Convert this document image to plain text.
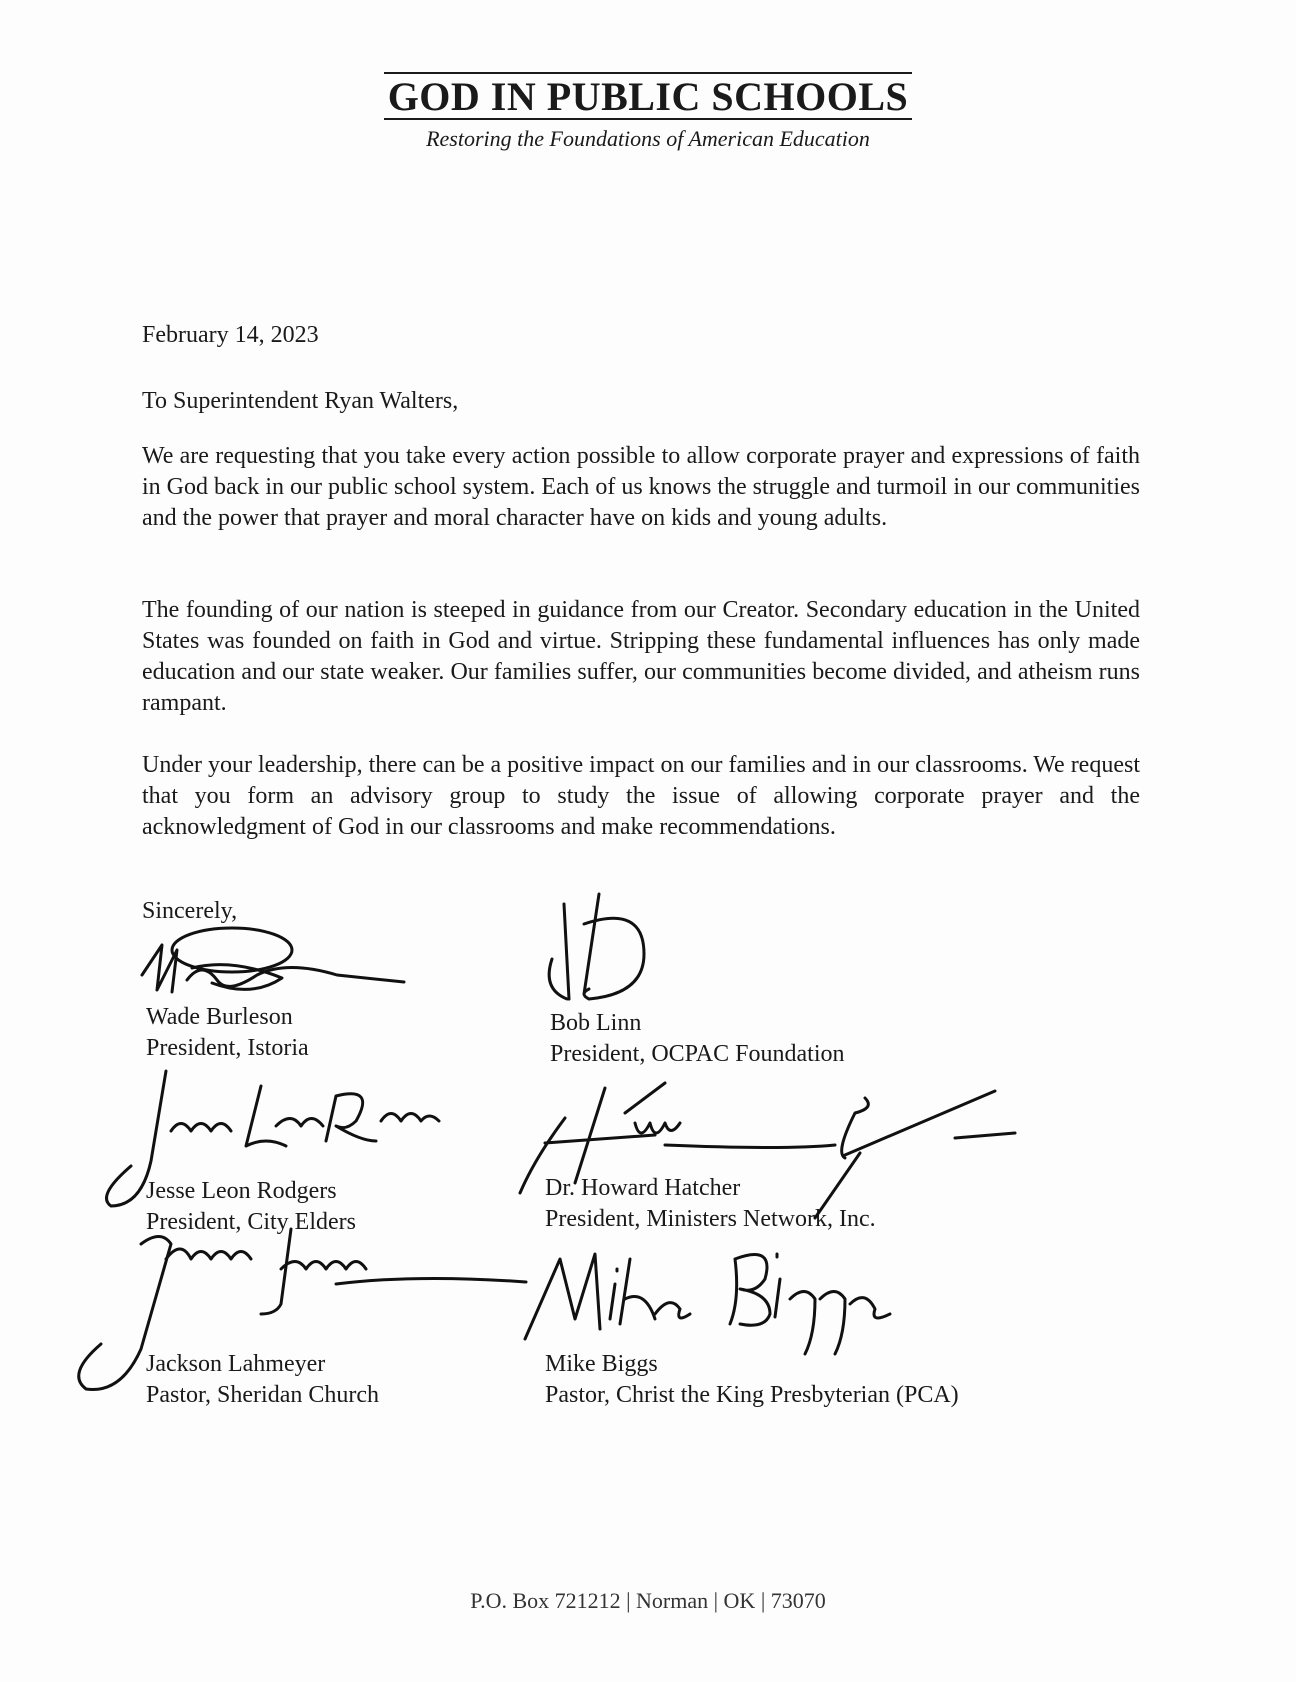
GOD IN PUBLIC SCHOOLS
Restoring the Foundations of American Education
February 14, 2023
To Superintendent Ryan Walters,

We are requesting that you take every action possible to allow corporate prayer and expressions of faith in God back in our public school system. Each of us knows the struggle and turmoil in our communities and the power that prayer and moral character have on kids and young adults.

The founding of our nation is steeped in guidance from our Creator. Secondary education in the United States was founded on faith in God and virtue. Stripping these fundamental influences has only made education and our state weaker. Our families suffer, our communities become divided, and atheism runs rampant.

Under your leadership, there can be a positive impact on our families and in our classrooms. We request that you form an advisory group to study the issue of allowing corporate prayer and the acknowledgment of God in our classrooms and make recommendations.

Sincerely,
Wade Burleson
President, Istoria
Bob Linn
President, OCPAC Foundation
Jesse Leon Rodgers
President, City Elders
Dr. Howard Hatcher
President, Ministers Network, Inc.
Jackson Lahmeyer
Pastor, Sheridan Church
Mike Biggs
Pastor, Christ the King Presbyterian (PCA)
P.O. Box 721212 | Norman | OK | 73070
